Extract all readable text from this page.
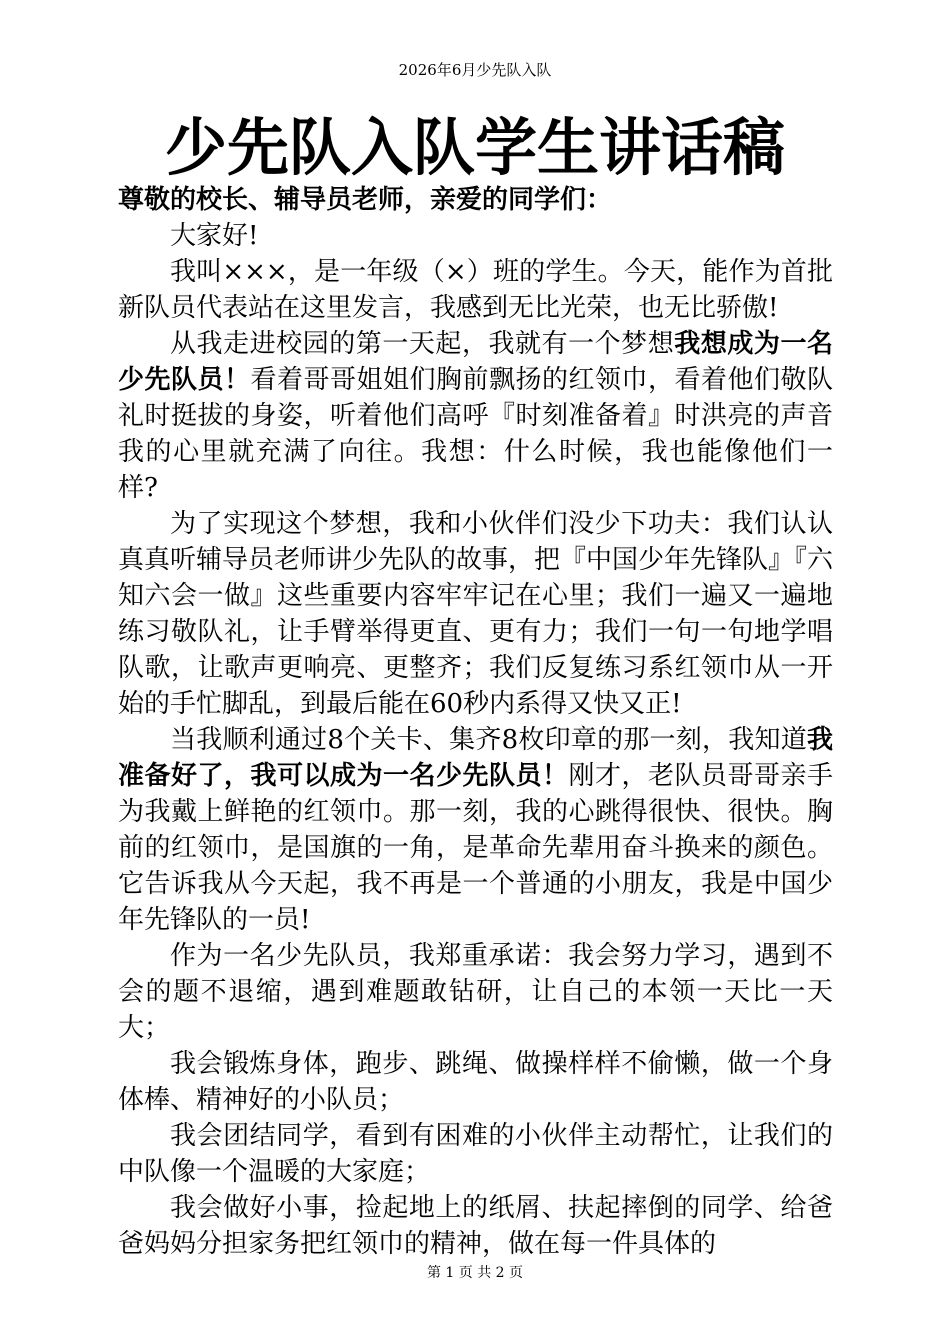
2026年6月少先队入队
少先队入队学生讲话稿

尊敬的校长、辅导员老师，亲爱的同学们：

大家好!

我叫×××，是一年级（×）班的学生。今天，能作为首批新队员代表站在这里发言，我感到无比光荣，也无比骄傲!

从我走进校园的第一天起，我就有一个梦想我想成为一名少先队员！看着哥哥姐姐们胸前飘扬的红领巾，看着他们敬队礼时挺拔的身姿，听着他们高呼『时刻准备着』时洪亮的声音我的心里就充满了向往。我想：什么时候，我也能像他们一样?

为了实现这个梦想，我和小伙伴们没少下功夫：我们认认真真听辅导员老师讲少先队的故事，把『中国少年先锋队』『六知六会一做』这些重要内容牢牢记在心里；我们一遍又一遍地练习敬队礼，让手臂举得更直、更有力；我们一句一句地学唱队歌，让歌声更响亮、更整齐；我们反复练习系红领巾从一开始的手忙脚乱，到最后能在60秒内系得又快又正!

当我顺利通过8个关卡、集齐8枚印章的那一刻，我知道我准备好了，我可以成为一名少先队员！刚才，老队员哥哥亲手为我戴上鲜艳的红领巾。那一刻，我的心跳得很快、很快。胸前的红领巾，是国旗的一角，是革命先辈用奋斗换来的颜色。它告诉我从今天起，我不再是一个普通的小朋友，我是中国少年先锋队的一员!

作为一名少先队员，我郑重承诺：我会努力学习，遇到不会的题不退缩，遇到难题敢钻研，让自己的本领一天比一天大；

我会锻炼身体，跑步、跳绳、做操样样不偷懒，做一个身体棒、精神好的小队员；

我会团结同学，看到有困难的小伙伴主动帮忙，让我们的中队像一个温暖的大家庭；

我会做好小事，捡起地上的纸屑、扶起摔倒的同学、给爸爸妈妈分担家务把红领巾的精神，做在每一件具体的

第 1 页 共 2 页
